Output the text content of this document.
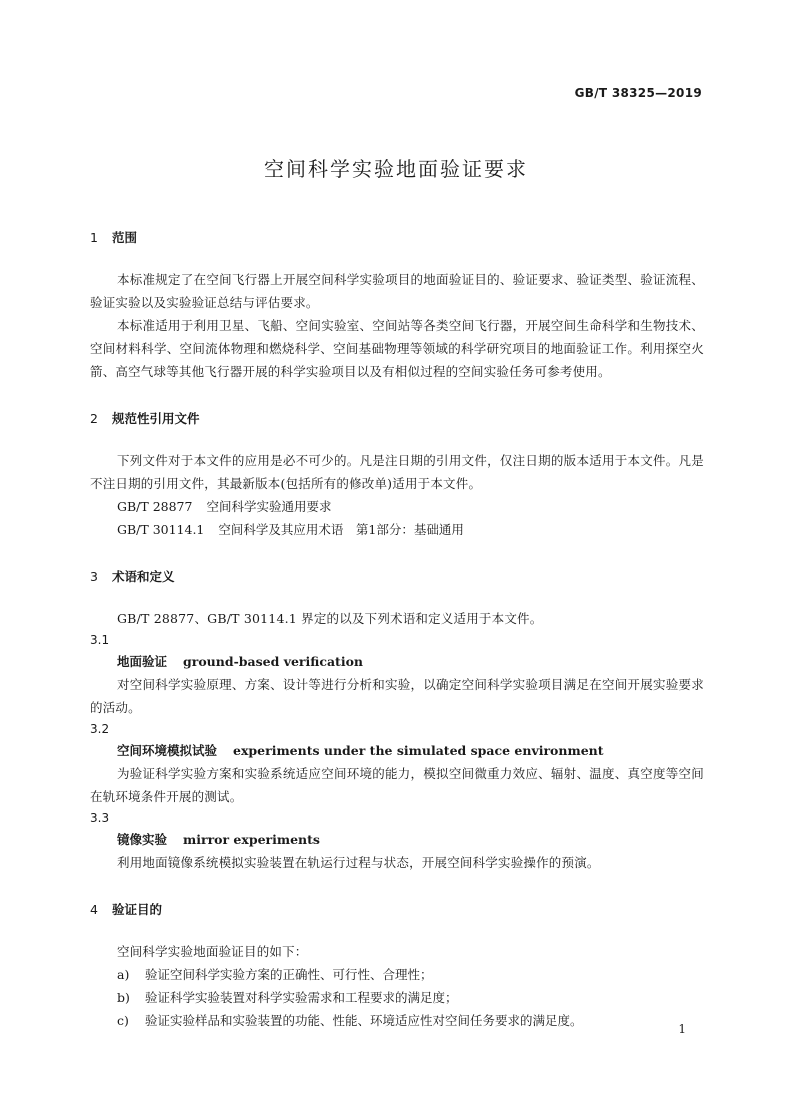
GB/T 38325—2019
空间科学实验地面验证要求
1 范围
本标准规定了在空间飞行器上开展空间科学实验项目的地面验证目的、验证要求、验证类型、验证流程、验证实验以及实验验证总结与评估要求。
本标准适用于利用卫星、飞船、空间实验室、空间站等各类空间飞行器，开展空间生命科学和生物技术、空间材料科学、空间流体物理和燃烧科学、空间基础物理等领域的科学研究项目的地面验证工作。利用探空火箭、高空气球等其他飞行器开展的科学实验项目以及有相似过程的空间实验任务可参考使用。
2 规范性引用文件
下列文件对于本文件的应用是必不可少的。凡是注日期的引用文件，仅注日期的版本适用于本文件。凡是不注日期的引用文件，其最新版本(包括所有的修改单)适用于本文件。
GB/T 28877 空间科学实验通用要求
GB/T 30114.1 空间科学及其应用术语　第1部分：基础通用
3 术语和定义
GB/T 28877、GB/T 30114.1 界定的以及下列术语和定义适用于本文件。
3.1
地面验证 ground-based verification
对空间科学实验原理、方案、设计等进行分析和实验，以确定空间科学实验项目满足在空间开展实验要求的活动。
3.2
空间环境模拟试验 experiments under the simulated space environment
为验证科学实验方案和实验系统适应空间环境的能力，模拟空间微重力效应、辐射、温度、真空度等空间在轨环境条件开展的测试。
3.3
镜像实验 mirror experiments
利用地面镜像系统模拟实验装置在轨运行过程与状态，开展空间科学实验操作的预演。
4 验证目的
空间科学实验地面验证目的如下：
a) 验证空间科学实验方案的正确性、可行性、合理性；
b) 验证科学实验装置对科学实验需求和工程要求的满足度；
c) 验证实验样品和实验装置的功能、性能、环境适应性对空间任务要求的满足度。
1
